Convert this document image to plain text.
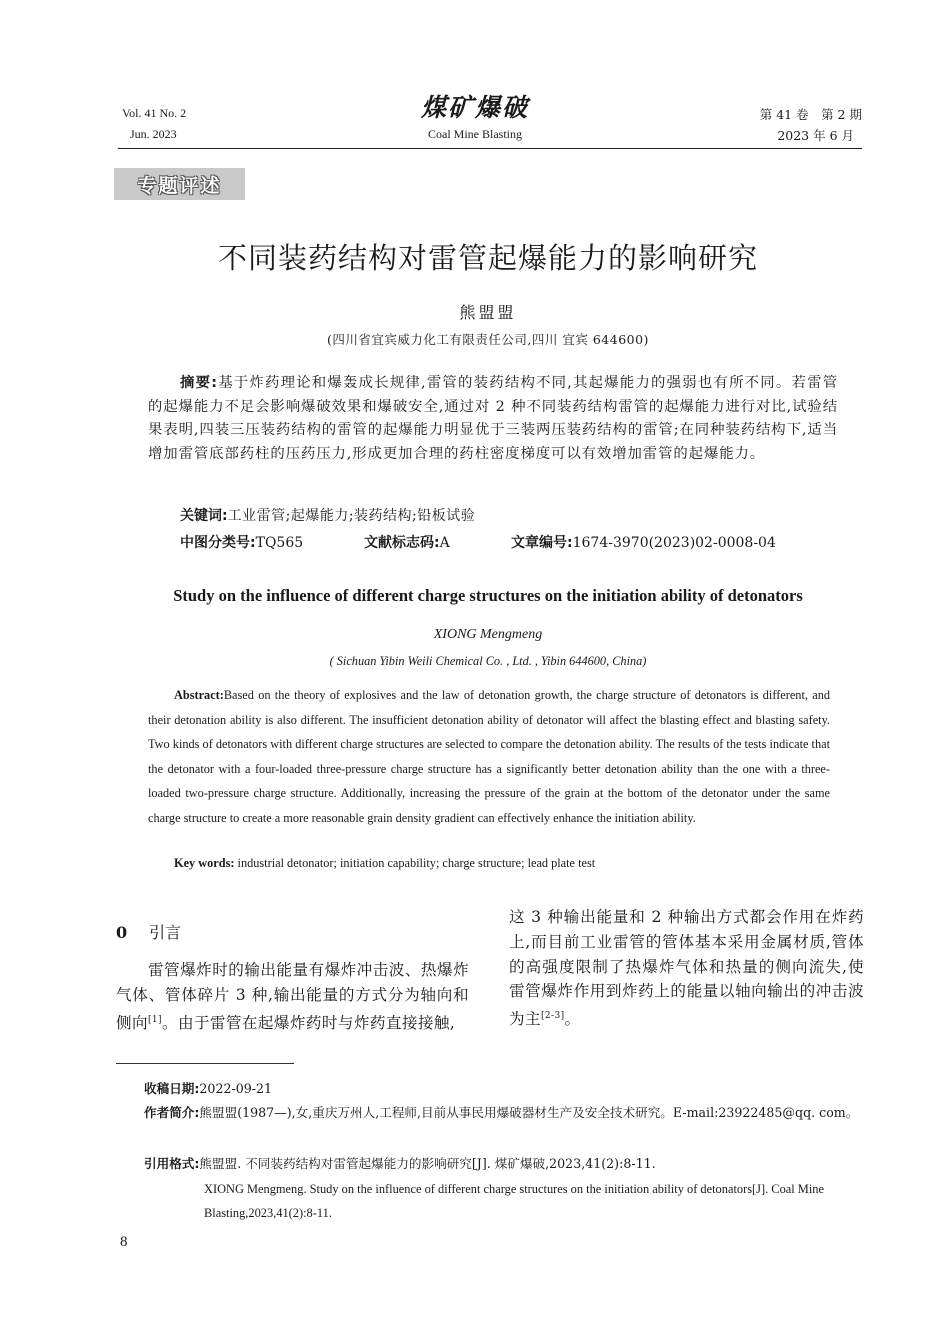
Vol. 41 No. 2
Jun. 2023
煤矿爆破
Coal Mine Blasting
第 41 卷　第 2 期
2023 年 6 月
专题评述
不同装药结构对雷管起爆能力的影响研究
熊盟盟
(四川省宜宾威力化工有限责任公司,四川 宜宾 644600)
摘要:基于炸药理论和爆轰成长规律,雷管的装药结构不同,其起爆能力的强弱也有所不同。若雷管的起爆能力不足会影响爆破效果和爆破安全,通过对 2 种不同装药结构雷管的起爆能力进行对比,试验结果表明,四装三压装药结构的雷管的起爆能力明显优于三装两压装药结构的雷管;在同种装药结构下,适当增加雷管底部药柱的压药压力,形成更加合理的药柱密度梯度可以有效增加雷管的起爆能力。
关键词:工业雷管;起爆能力;装药结构;铅板试验
中图分类号:TQ565	文献标志码:A	文章编号:1674-3970(2023)02-0008-04
Study on the influence of different charge structures on the initiation ability of detonators
XIONG Mengmeng
( Sichuan Yibin Weili Chemical Co. , Ltd. , Yibin 644600, China)
Abstract:Based on the theory of explosives and the law of detonation growth, the charge structure of detonators is different, and their detonation ability is also different. The insufficient detonation ability of detonator will affect the blasting effect and blasting safety. Two kinds of detonators with different charge structures are selected to compare the detonation ability. The results of the tests indicate that the detonator with a four-loaded three-pressure charge structure has a significantly better detonation ability than the one with a three-loaded two-pressure charge structure. Additionally, increasing the pressure of the grain at the bottom of the detonator under the same charge structure to create a more reasonable grain density gradient can effectively enhance the initiation ability.
Key words: industrial detonator; initiation capability; charge structure; lead plate test
0 引言
雷管爆炸时的输出能量有爆炸冲击波、热爆炸气体、管体碎片 3 种,输出能量的方式分为轴向和侧向[1]。由于雷管在起爆炸药时与炸药直接接触,
这 3 种输出能量和 2 种输出方式都会作用在炸药上,而目前工业雷管的管体基本采用金属材质,管体的高强度限制了热爆炸气体和热量的侧向流失,使雷管爆炸作用到炸药上的能量以轴向输出的冲击波为主[2-3]。
收稿日期:2022-09-21
作者简介:熊盟盟(1987—),女,重庆万州人,工程师,目前从事民用爆破器材生产及安全技术研究。E-mail:23922485@qq. com。
引用格式:熊盟盟. 不同装药结构对雷管起爆能力的影响研究[J]. 煤矿爆破,2023,41(2):8-11.
XIONG Mengmeng. Study on the influence of different charge structures on the initiation ability of detonators[J]. Coal Mine Blasting,2023,41(2):8-11.
8
